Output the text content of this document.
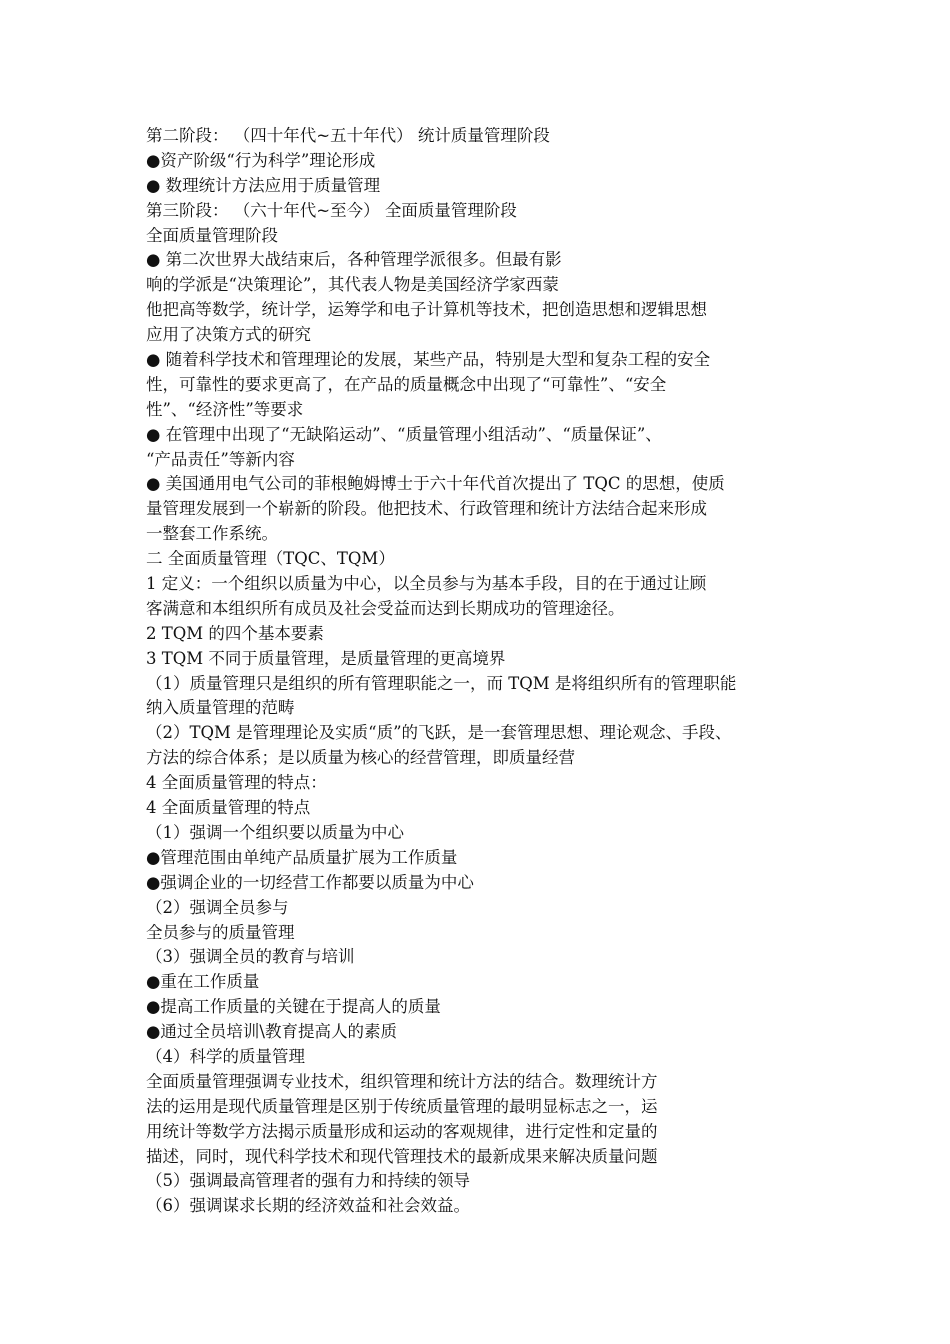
第二阶段： （四十年代~五十年代） 统计质量管理阶段
●资产阶级“行为科学”理论形成
● 数理统计方法应用于质量管理
第三阶段： （六十年代~至今） 全面质量管理阶段
全面质量管理阶段
● 第二次世界大战结束后，各种管理学派很多。但最有影
响的学派是“决策理论”，其代表人物是美国经济学家西蒙
他把高等数学，统计学，运筹学和电子计算机等技术，把创造思想和逻辑思想
应用了决策方式的研究
● 随着科学技术和管理理论的发展，某些产品，特别是大型和复杂工程的安全
性，可靠性的要求更高了，在产品的质量概念中出现了“可靠性”、“安全
性”、“经济性”等要求
● 在管理中出现了“无缺陷运动”、“质量管理小组活动”、“质量保证”、
“产品责任”等新内容
● 美国通用电气公司的菲根鲍姆博士于六十年代首次提出了 TQC 的思想，使质
量管理发展到一个崭新的阶段。他把技术、行政管理和统计方法结合起来形成
一整套工作系统。
二 全面质量管理（TQC、TQM）
1 定义：一个组织以质量为中心，以全员参与为基本手段，目的在于通过让顾
客满意和本组织所有成员及社会受益而达到长期成功的管理途径。
2 TQM 的四个基本要素
3 TQM 不同于质量管理，是质量管理的更高境界
（1）质量管理只是组织的所有管理职能之一，而 TQM 是将组织所有的管理职能
纳入质量管理的范畴
（2）TQM 是管理理论及实质“质”的飞跃，是一套管理思想、理论观念、手段、
方法的综合体系；是以质量为核心的经营管理，即质量经营
4 全面质量管理的特点：
4 全面质量管理的特点
（1）强调一个组织要以质量为中心
●管理范围由单纯产品质量扩展为工作质量
●强调企业的一切经营工作都要以质量为中心
（2）强调全员参与
全员参与的质量管理
（3）强调全员的教育与培训
●重在工作质量
●提高工作质量的关键在于提高人的质量
●通过全员培训\教育提高人的素质
（4）科学的质量管理
全面质量管理强调专业技术，组织管理和统计方法的结合。数理统计方
法的运用是现代质量管理是区别于传统质量管理的最明显标志之一，运
用统计等数学方法揭示质量形成和运动的客观规律，进行定性和定量的
描述，同时，现代科学技术和现代管理技术的最新成果来解决质量问题
（5）强调最高管理者的强有力和持续的领导
（6）强调谋求长期的经济效益和社会效益。
